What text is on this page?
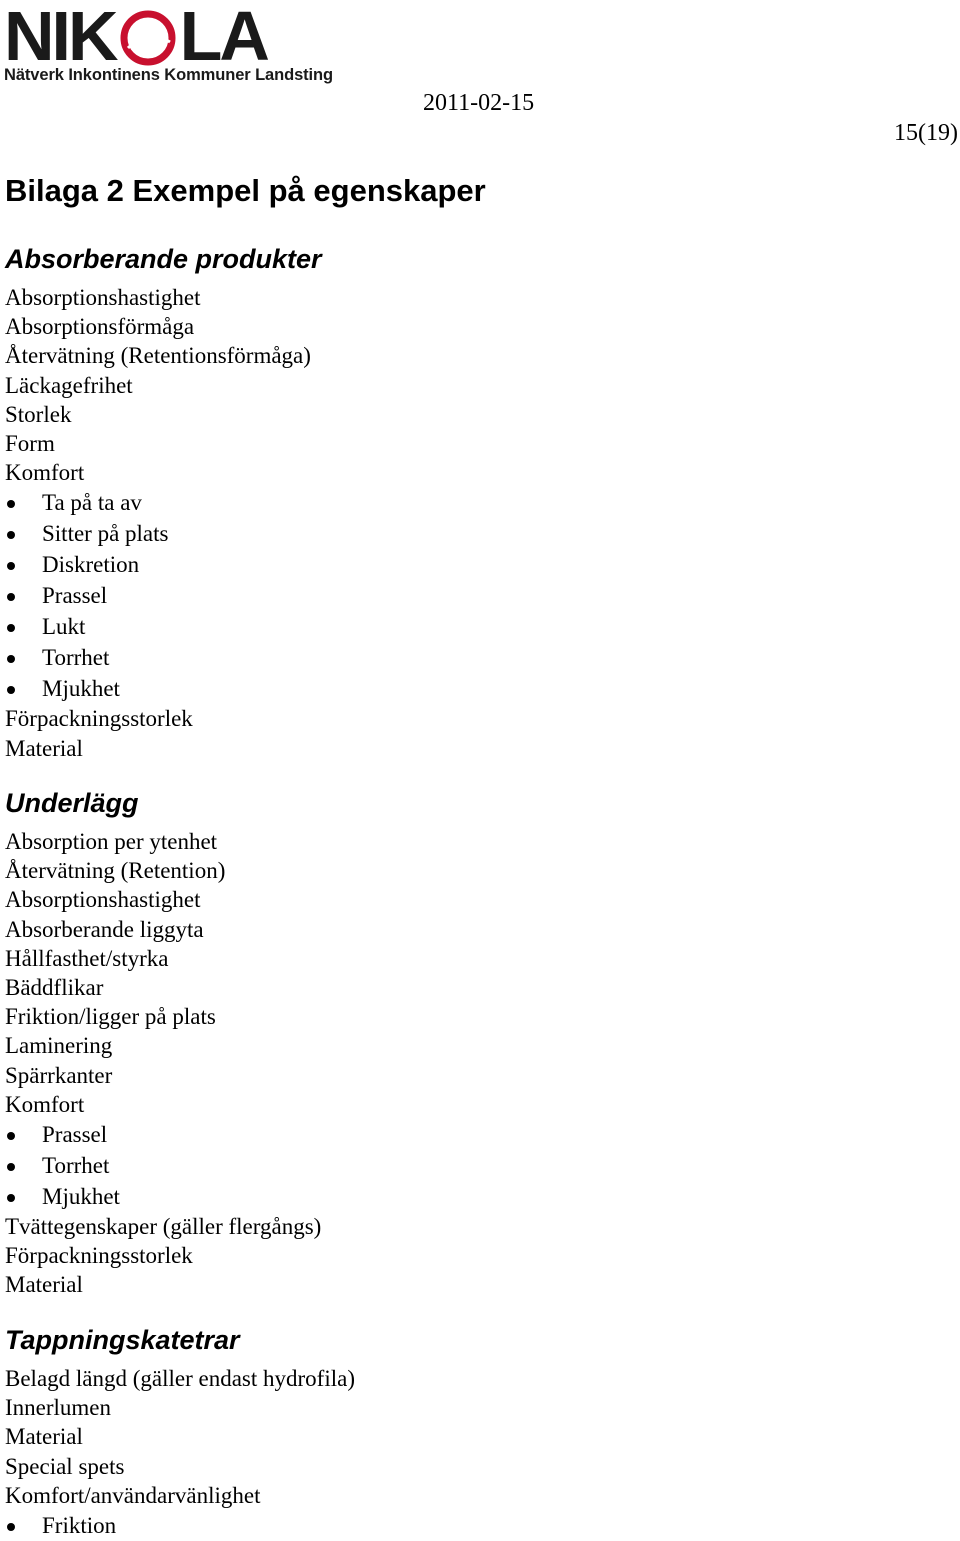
NIK LA
Nätverk Inkontinens Kommuner Landsting
2011-02-15
15(19)
Bilaga 2 Exempel på egenskaper
Absorberande produkter
Absorptionshastighet
Absorptionsförmåga
Återvätning (Retentionsförmåga)
Läckagefrihet
Storlek
Form
Komfort
Ta på ta av
Sitter på plats
Diskretion
Prassel
Lukt
Torrhet
Mjukhet
Förpackningsstorlek
Material
Underlägg
Absorption per ytenhet
Återvätning (Retention)
Absorptionshastighet
Absorberande liggyta
Hållfasthet/styrka
Bäddflikar
Friktion/ligger på plats
Laminering
Spärrkanter
Komfort
Prassel
Torrhet
Mjukhet
Tvättegenskaper (gäller flergångs)
Förpackningsstorlek
Material
Tappningskatetrar
Belagd längd (gäller endast hydrofila)
Innerlumen
Material
Special spets
Komfort/användarvänlighet
Friktion
